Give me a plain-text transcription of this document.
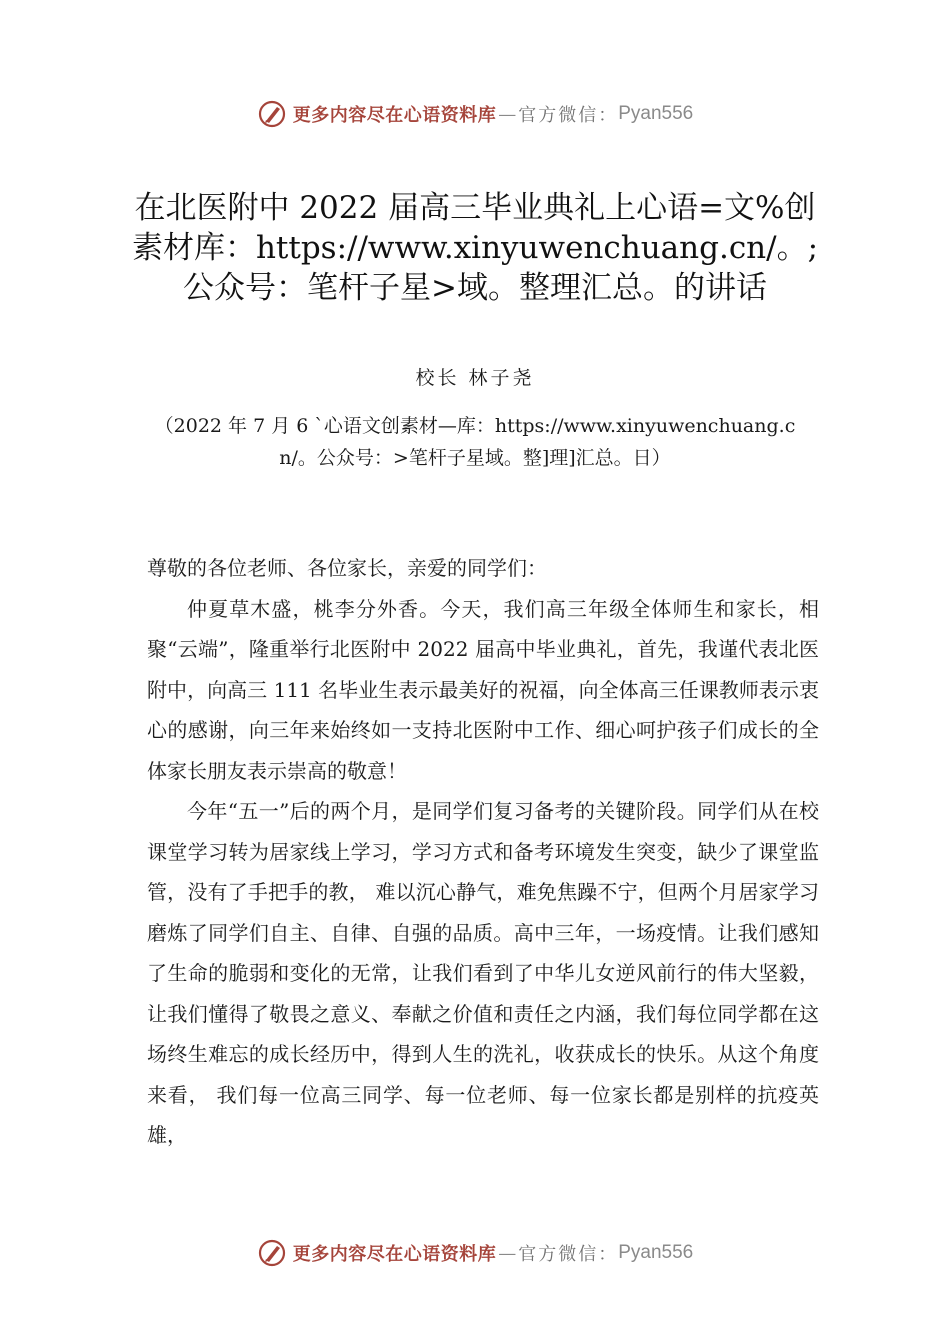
更多内容尽在心语资料库 — 官方微信： Pyan556
在北医附中 2022 届高三毕业典礼上心语=文%创素材库：https://www.xinyuwenchuang.cn/。;公众号：笔杆子星>域。整理汇总。的讲话
校长 林子尧
（2022 年 7 月 6 `心语文创素材—库：https://www.xinyuwenchuang.cn/。公众号：>笔杆子星域。整]理]汇总。日）

尊敬的各位老师、各位家长，亲爱的同学们：

仲夏草木盛，桃李分外香。今天，我们高三年级全体师生和家长，相聚“云端”，隆重举行北医附中 2022 届高中毕业典礼，首先，我谨代表北医附中，向高三 111 名毕业生表示最美好的祝福，向全体高三任课教师表示衷心的感谢，向三年来始终如一支持北医附中工作、细心呵护孩子们成长的全体家长朋友表示崇高的敬意！

今年“五一”后的两个月，是同学们复习备考的关键阶段。同学们从在校课堂学习转为居家线上学习，学习方式和备考环境发生突变，缺少了课堂监管，没有了手把手的教， 难以沉心静气，难免焦躁不宁，但两个月居家学习磨炼了同学们自主、自律、自强的品质。高中三年，一场疫情。让我们感知了生命的脆弱和变化的无常，让我们看到了中华儿女逆风前行的伟大坚毅，让我们懂得了敬畏之意义、奉献之价值和责任之内涵，我们每位同学都在这场终生难忘的成长经历中，得到人生的洗礼，收获成长的快乐。从这个角度来看， 我们每一位高三同学、每一位老师、每一位家长都是别样的抗疫英雄，

更多内容尽在心语资料库 — 官方微信： Pyan556
